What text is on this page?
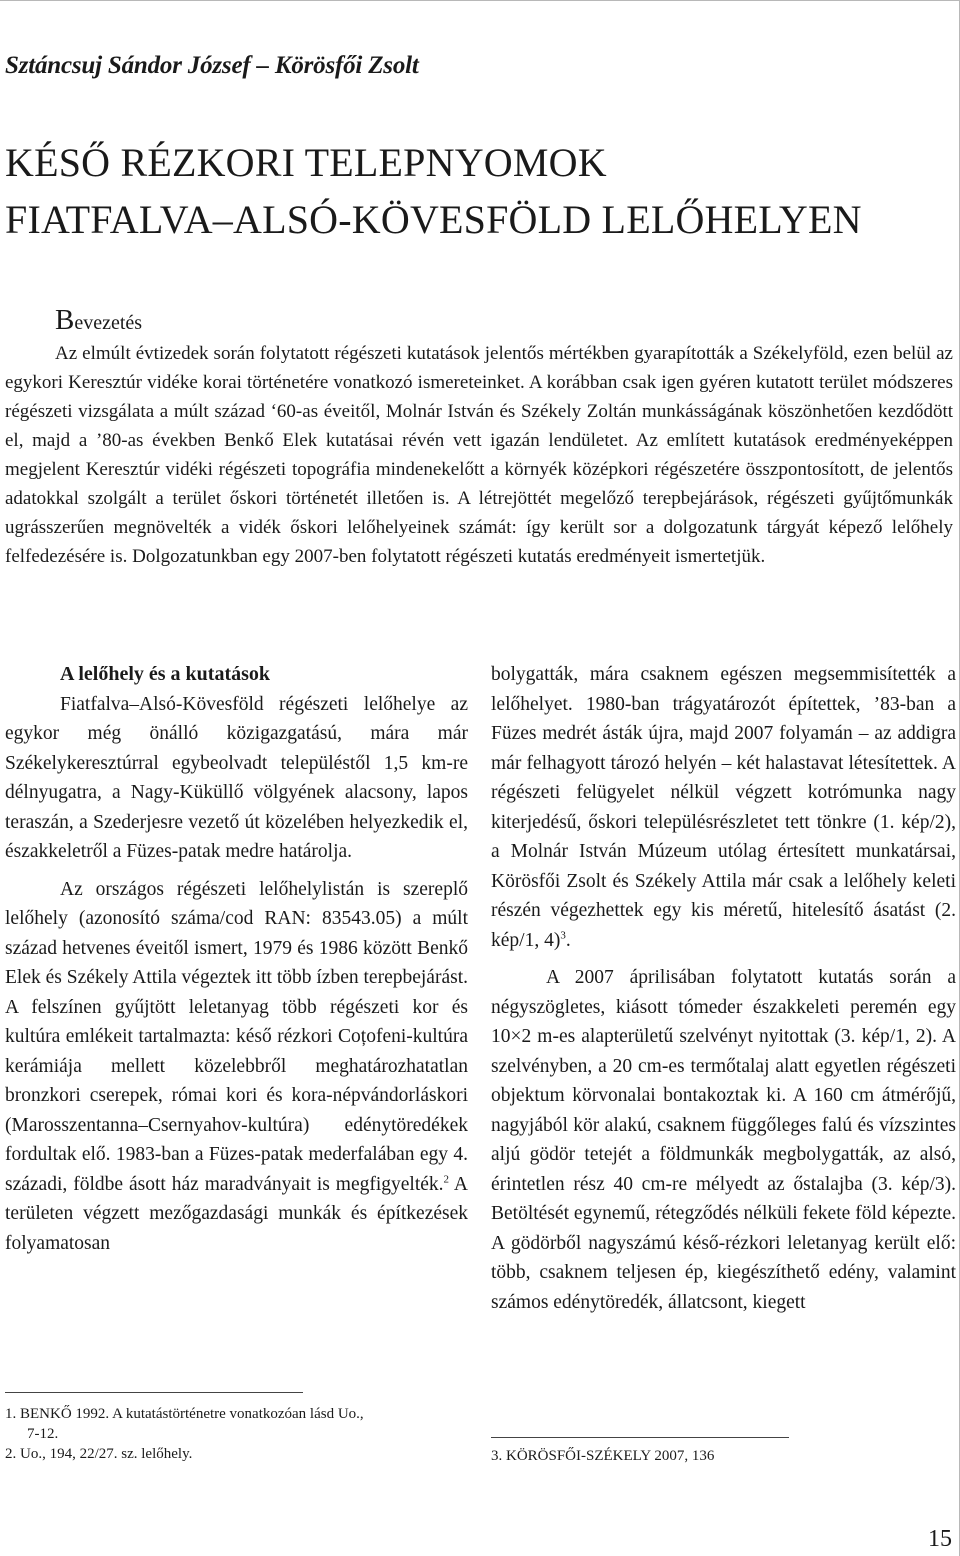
Sztáncsuj Sándor József – Körösfői Zsolt
KÉSŐ RÉZKORI TELEPNYOMOK
FIATFALVA–ALSÓ-KÖVESFÖLD LELŐHELYEN
Bevezetés
Az elmúlt évtizedek során folytatott régészeti kutatások jelentős mértékben gyarapították a Székelyföld, ezen belül az egykori Keresztúr vidéke korai történetére vonatkozó ismereteinket. A korábban csak igen gyéren kutatott terület módszeres régészeti vizsgálata a múlt század ‘60-as éveitől, Molnár István és Székely Zoltán munkásságának köszönhetően kezdődött el, majd a ’80-as években Benkő Elek kutatásai révén vett igazán lendületet. Az említett kutatások eredményeképpen megjelent Keresztúr vidéki régészeti topográfia mindenekelőtt a környék középkori régészetére összpontosított, de jelentős adatokkal szolgált a terület őskori történetét illetően is. A létrejöttét megelőző terepbejárások, régészeti gyűjtőmunkák ugrásszerűen megnövelték a vidék őskori lelőhelyeinek számát: így került sor a dolgozatunk tárgyát képező lelőhely felfedezésére is. Dolgozatunkban egy 2007-ben folytatott régészeti kutatás eredményeit ismertetjük.
A lelőhely és a kutatások

Fiatfalva–Alsó-Kövesföld régészeti lelőhelye az egykor még önálló közigazgatású, mára már Székelykeresztúrral egybeolvadt településtől 1,5 km-re délnyugatra, a Nagy-Küküllő völgyének alacsony, lapos teraszán, a Szederjesre vezető út közelében helyezkedik el, északkeletről a Füzes-patak medre határolja.

Az országos régészeti lelőhelylistán is szereplő lelőhely (azonosító száma/cod RAN: 83543.05) a múlt század hetvenes éveitől ismert, 1979 és 1986 között Benkő Elek és Székely Attila végeztek itt több ízben terepbejárást. A felszínen gyűjtött leletanyag több régészeti kor és kultúra emlékeit tartalmazta: késő rézkori Coțofeni-kultúra kerámiája mellett közelebbről meghatározhatatlan bronzkori cserepek, római kori és kora-népvándorláskori (Marosszentanna–Csernyahov-kultúra) edénytöredékek fordultak elő. 1983-ban a Füzes-patak mederfalában egy 4. századi, földbe ásott ház maradványait is megfigyelték.$^2$ A területen végzett mezőgazdasági munkák és építkezések folyamatosan

bolygatták, mára csaknem egészen megsemmisítették a lelőhelyet. 1980-ban trágyatározót építettek, ’83-ban a Füzes medrét ásták újra, majd 2007 folyamán – az addigra már felhagyott tározó helyén – két halastavat létesítettek. A régészeti felügyelet nélkül végzett kotrómunka nagy kiterjedésű, őskori településrészletet tett tönkre (1. kép/2), a Molnár István Múzeum utólag értesített munkatársai, Körösfői Zsolt és Székely Attila már csak a lelőhely keleti részén végezhettek egy kis méretű, hitelesítő ásatást (2. kép/1, 4)$^3$.

A 2007 áprilisában folytatott kutatás során a négyszögletes, kiásott tómeder északkeleti peremén egy 10×2 m-es alapterületű szelvényt nyitottak (3. kép/1, 2). A szelvényben, a 20 cm-es termőtalaj alatt egyetlen régészeti objektum körvonalai bontakoztak ki. A 160 cm átmérőjű, nagyjából kör alakú, csaknem függőleges falú és vízszintes aljú gödör tetejét a földmunkák megbolygatták, az alsó, érintetlen rész 40 cm-re mélyedt az őstalajba (3. kép/3). Betöltését egynemű, rétegződés nélküli fekete föld képezte. A gödörből nagyszámú késő-rézkori leletanyag került elő: több, csaknem teljesen ép, kiegészíthető edény, valamint számos edénytöredék, állatcsont, kiegett

1. BENKŐ 1992. A kutatástörténetre vonatkozóan lásd Uo.,
7-12.
2. Uo., 194, 22/27. sz. lelőhely.	3. KÖRÖSFŐI-SZÉKELY 2007, 136
15
